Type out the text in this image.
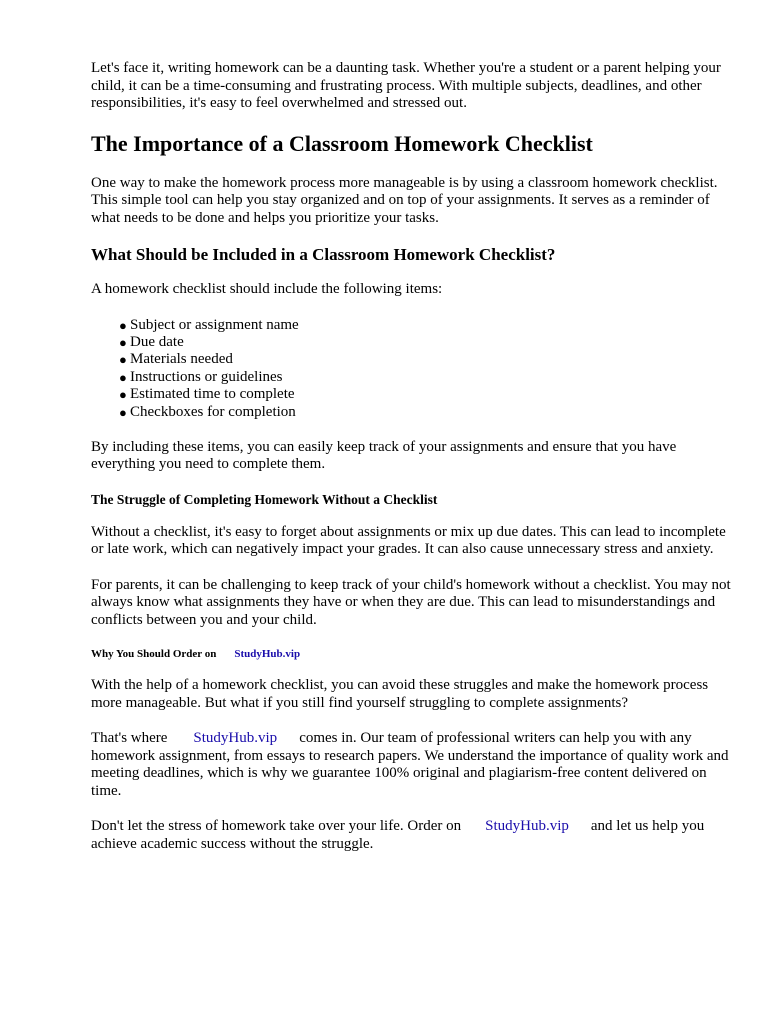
Let's face it, writing homework can be a daunting task. Whether you're a student or a parent helping your child, it can be a time-consuming and frustrating process. With multiple subjects, deadlines, and other responsibilities, it's easy to feel overwhelmed and stressed out.

The Importance of a Classroom Homework Checklist

One way to make the homework process more manageable is by using a classroom homework checklist. This simple tool can help you stay organized and on top of your assignments. It serves as a reminder of what needs to be done and helps you prioritize your tasks.

What Should be Included in a Classroom Homework Checklist?

A homework checklist should include the following items:

● Subject or assignment name
● Due date
● Materials needed
● Instructions or guidelines
● Estimated time to complete
● Checkboxes for completion

By including these items, you can easily keep track of your assignments and ensure that you have everything you need to complete them.

The Struggle of Completing Homework Without a Checklist

Without a checklist, it's easy to forget about assignments or mix up due dates. This can lead to incomplete or late work, which can negatively impact your grades. It can also cause unnecessary stress and anxiety.

For parents, it can be challenging to keep track of your child's homework without a checklist. You may not always know what assignments they have or when they are due. This can lead to misunderstandings and conflicts between you and your child.

Why You Should Order on StudyHub.vip

With the help of a homework checklist, you can avoid these struggles and make the homework process more manageable. But what if you still find yourself struggling to complete assignments?

That's where StudyHub.vip comes in. Our team of professional writers can help you with any homework assignment, from essays to research papers. We understand the importance of quality work and meeting deadlines, which is why we guarantee 100% original and plagiarism-free content delivered on time.

Don't let the stress of homework take over your life. Order on StudyHub.vip and let us help you achieve academic success without the struggle.
